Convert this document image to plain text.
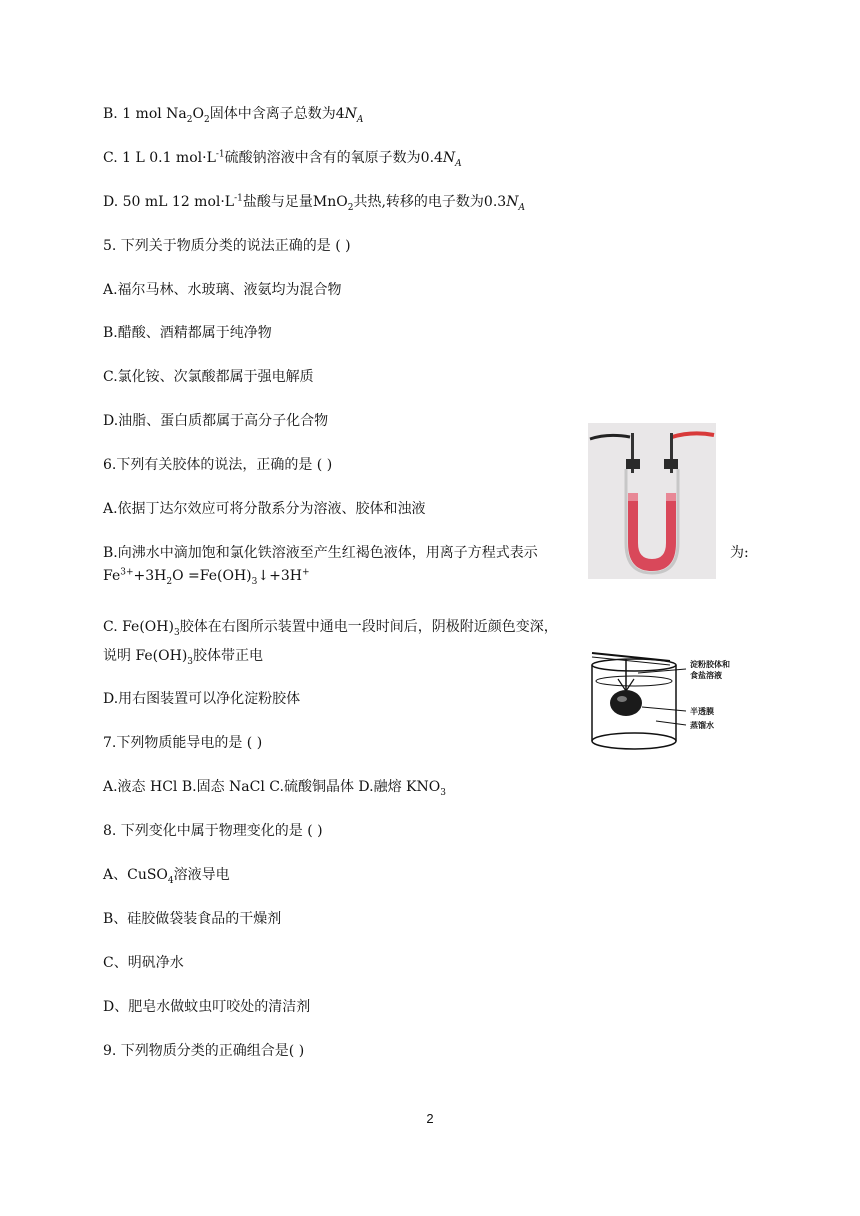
B. 1 mol $Na_2O_2$固体中含离子总数为$4N_A$
C. 1 L 0.1 $mol\cdot L^{-1}$硫酸钠溶液中含有的氧原子数为$0.4N_A$
D. 50 mL 12 $mol\cdot L^{-1}$盐酸与足量MnO$_2$共热,转移的电子数为$0.3N_A$
5. 下列关于物质分类的说法正确的是 ( )
A.福尔马林、水玻璃、液氨均为混合物
B.醋酸、酒精都属于纯净物
C.氯化铵、次氯酸都属于强电解质
D.油脂、蛋白质都属于高分子化合物
6.下列有关胶体的说法，正确的是 ( )
A.依据丁达尔效应可将分散系分为溶液、胶体和浊液
B.向沸水中滴加饱和氯化铁溶液至产生红褐色液体，用离子方程式表示	为:
$Fe^{3+}+3H_2O$ $=Fe(OH)_3↓+3H^+$
C. $Fe(OH)_3$胶体在右图所示装置中通电一段时间后，阴极附近颜色变深，
说明 $Fe(OH)_3$胶体带正电
D.用右图装置可以净化淀粉胶体
7.下列物质能导电的是 ( )
A.液态 HCl B.固态 NaCl C.硫酸铜晶体 D.融熔 $KNO_3$
8. 下列变化中属于物理变化的是 ( )
A、CuSO$_4$溶液导电
B、硅胶做袋装食品的干燥剂
C、明矾净水
D、肥皂水做蚊虫叮咬处的清洁剂
9. 下列物质分类的正确组合是( )
淀粉胶体和
食盐溶液
半透膜
蒸馏水
2
